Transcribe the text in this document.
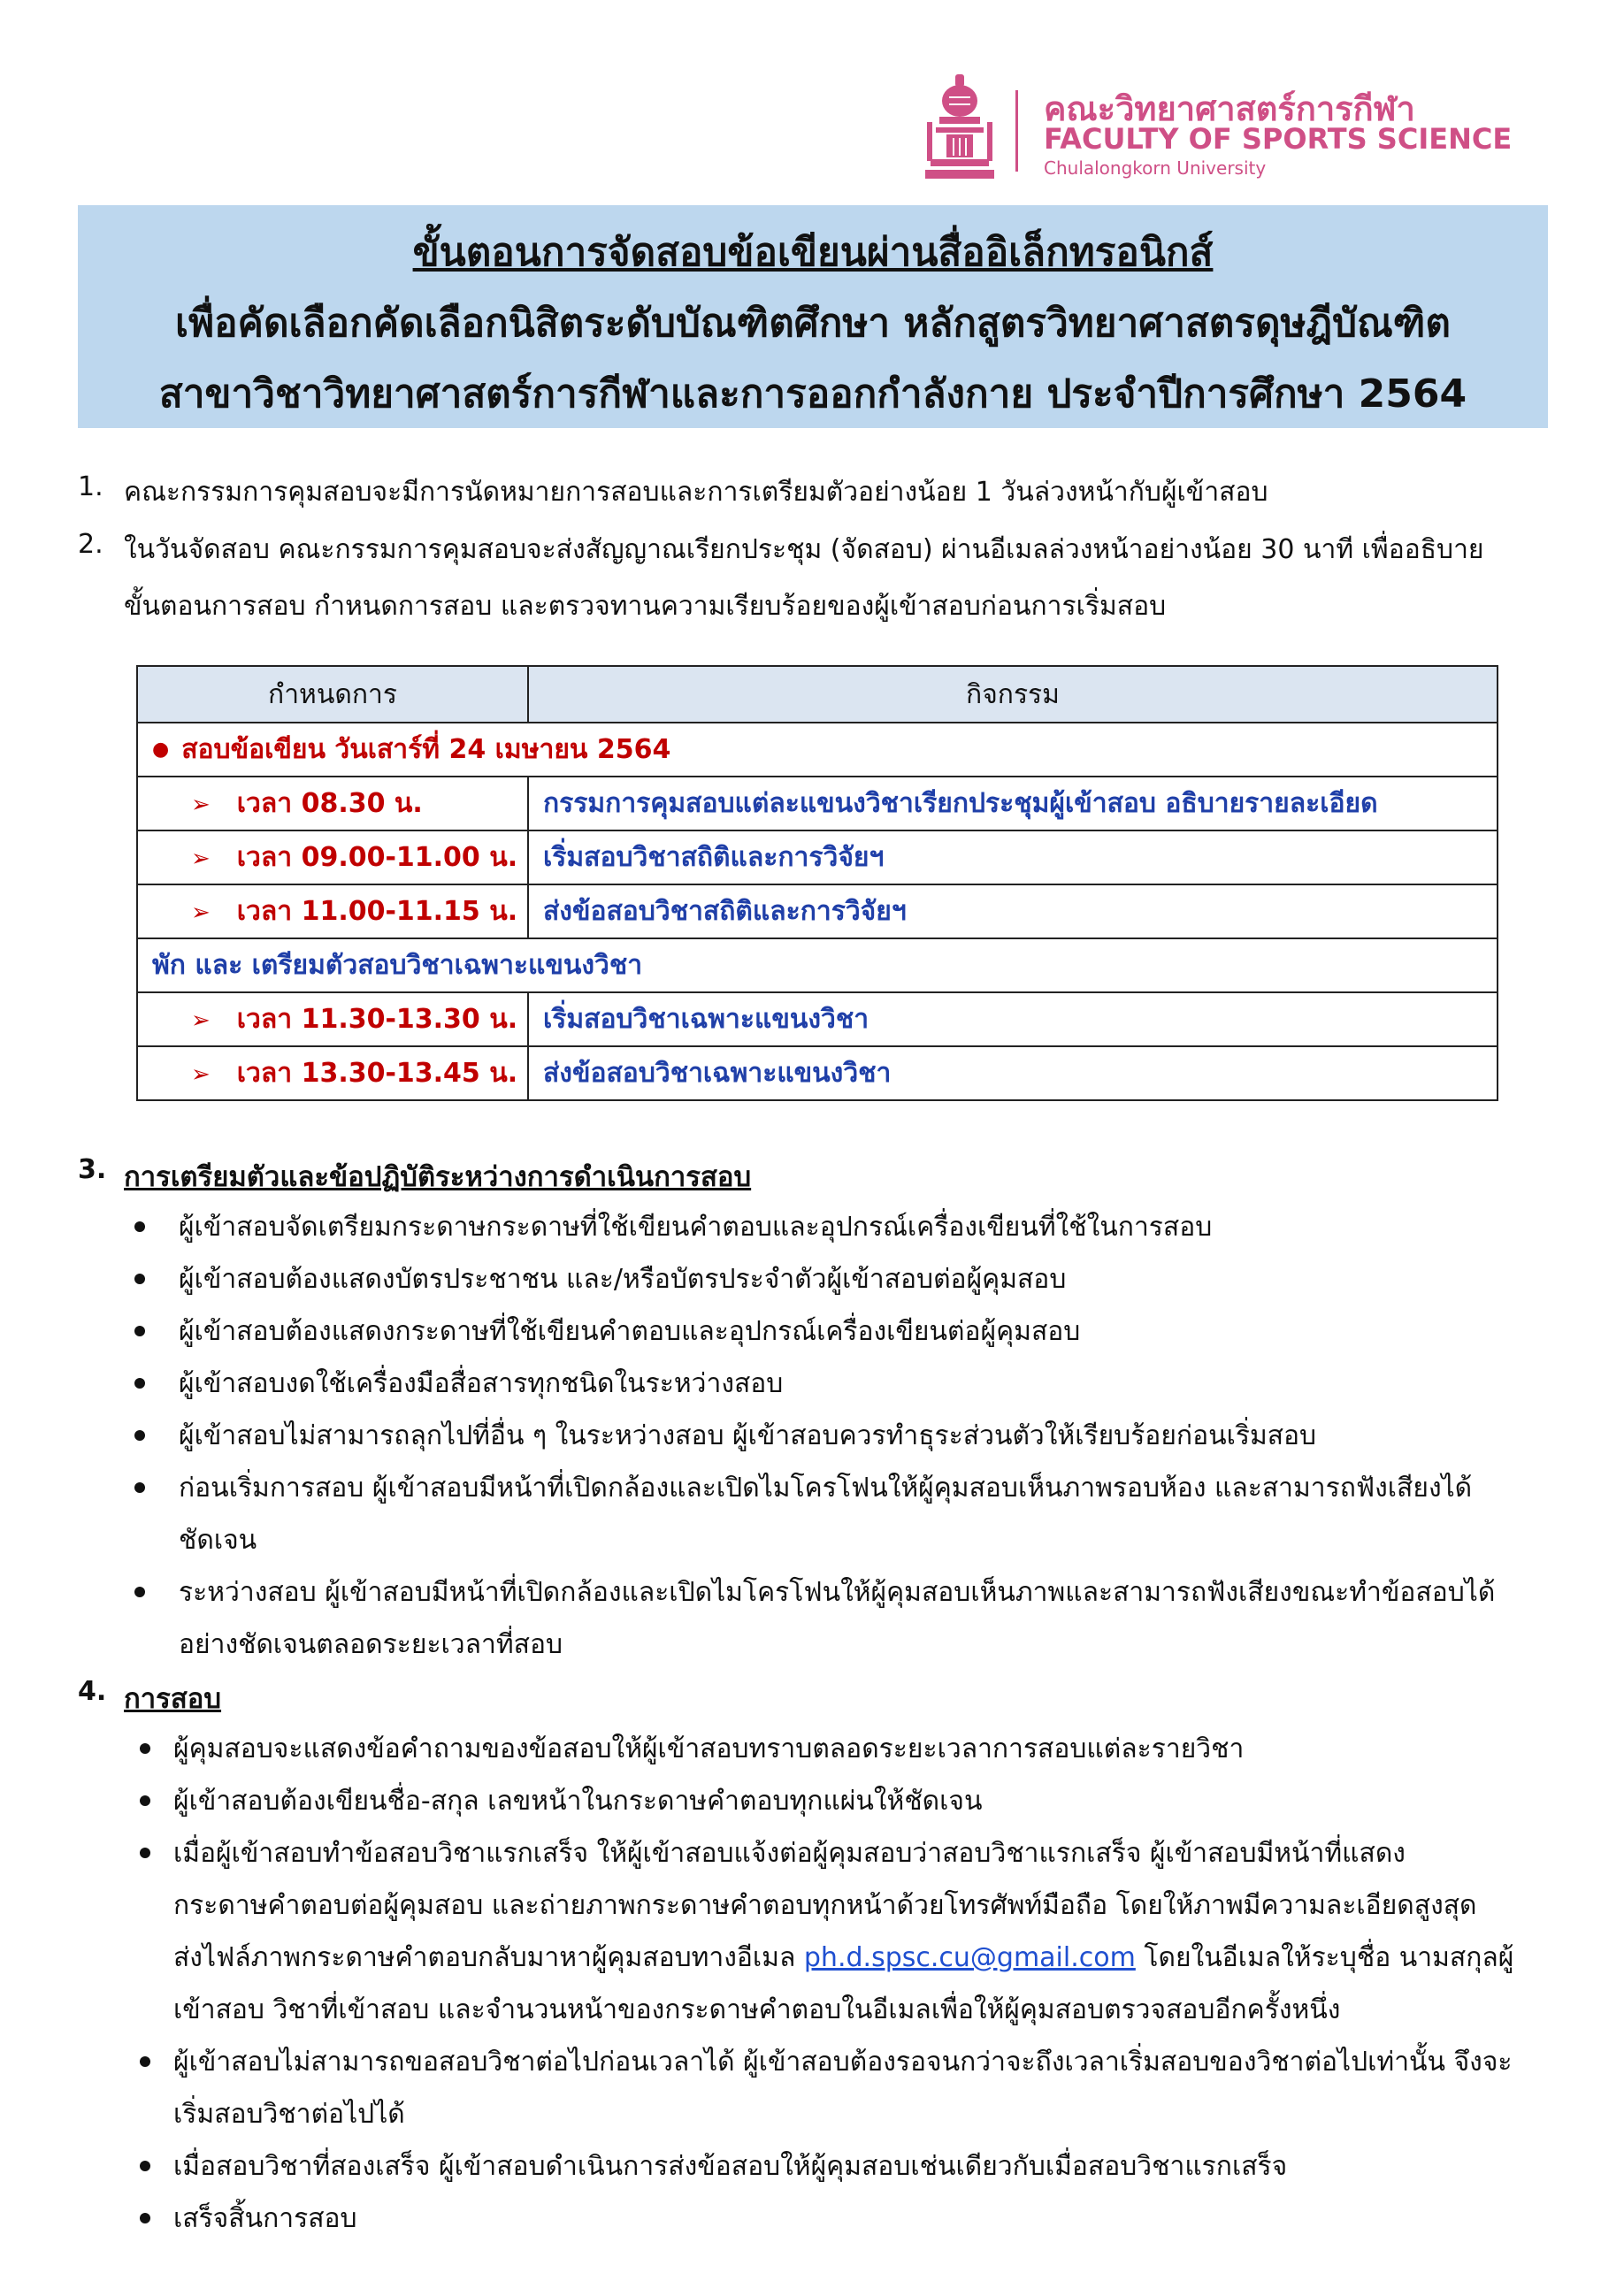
คณะวิทยาศาสตร์การกีฬา
FACULTY OF SPORTS SCIENCE
Chulalongkorn University
ขั้นตอนการจัดสอบข้อเขียนผ่านสื่ออิเล็กทรอนิกส์
เพื่อคัดเลือกคัดเลือกนิสิตระดับบัณฑิตศึกษา หลักสูตรวิทยาศาสตรดุษฎีบัณฑิต
สาขาวิชาวิทยาศาสตร์การกีฬาและการออกกำลังกาย ประจำปีการศึกษา 2564
1. คณะกรรมการคุมสอบจะมีการนัดหมายการสอบและการเตรียมตัวอย่างน้อย 1 วันล่วงหน้ากับผู้เข้าสอบ
2. ในวันจัดสอบ คณะกรรมการคุมสอบจะส่งสัญญาณเรียกประชุม (จัดสอบ) ผ่านอีเมลล่วงหน้าอย่างน้อย 30 นาที เพื่ออธิบาย
ขั้นตอนการสอบ กำหนดการสอบ และตรวจทานความเรียบร้อยของผู้เข้าสอบก่อนการเริ่มสอบ
กำหนดการ	กิจกรรม
● สอบข้อเขียน วันเสาร์ที่ 24 เมษายน 2564	
➢ เวลา 08.30 น.	กรรมการคุมสอบแต่ละแขนงวิชาเรียกประชุมผู้เข้าสอบ อธิบายรายละเอียด
➢ เวลา 09.00-11.00 น.	เริ่มสอบวิชาสถิติและการวิจัยฯ
➢ เวลา 11.00-11.15 น.	ส่งข้อสอบวิชาสถิติและการวิจัยฯ
พัก และ เตรียมตัวสอบวิชาเฉพาะแขนงวิชา	
➢ เวลา 11.30-13.30 น.	เริ่มสอบวิชาเฉพาะแขนงวิชา
➢ เวลา 13.30-13.45 น.	ส่งข้อสอบวิชาเฉพาะแขนงวิชา
3. การเตรียมตัวและข้อปฏิบัติระหว่างการดำเนินการสอบ
ผู้เข้าสอบจัดเตรียมกระดาษกระดาษที่ใช้เขียนคำตอบและอุปกรณ์เครื่องเขียนที่ใช้ในการสอบ
ผู้เข้าสอบต้องแสดงบัตรประชาชน และ/หรือบัตรประจำตัวผู้เข้าสอบต่อผู้คุมสอบ
ผู้เข้าสอบต้องแสดงกระดาษที่ใช้เขียนคำตอบและอุปกรณ์เครื่องเขียนต่อผู้คุมสอบ
ผู้เข้าสอบงดใช้เครื่องมือสื่อสารทุกชนิดในระหว่างสอบ
ผู้เข้าสอบไม่สามารถลุกไปที่อื่น ๆ ในระหว่างสอบ ผู้เข้าสอบควรทำธุระส่วนตัวให้เรียบร้อยก่อนเริ่มสอบ
ก่อนเริ่มการสอบ ผู้เข้าสอบมีหน้าที่เปิดกล้องและเปิดไมโครโฟนให้ผู้คุมสอบเห็นภาพรอบห้อง และสามารถฟังเสียงได้
ชัดเจน
ระหว่างสอบ ผู้เข้าสอบมีหน้าที่เปิดกล้องและเปิดไมโครโฟนให้ผู้คุมสอบเห็นภาพและสามารถฟังเสียงขณะทำข้อสอบได้
อย่างชัดเจนตลอดระยะเวลาที่สอบ
4. การสอบ
ผู้คุมสอบจะแสดงข้อคำถามของข้อสอบให้ผู้เข้าสอบทราบตลอดระยะเวลาการสอบแต่ละรายวิชา
ผู้เข้าสอบต้องเขียนชื่อ-สกุล เลขหน้าในกระดาษคำตอบทุกแผ่นให้ชัดเจน
เมื่อผู้เข้าสอบทำข้อสอบวิชาแรกเสร็จ ให้ผู้เข้าสอบแจ้งต่อผู้คุมสอบว่าสอบวิชาแรกเสร็จ ผู้เข้าสอบมีหน้าที่แสดง
กระดาษคำตอบต่อผู้คุมสอบ และถ่ายภาพกระดาษคำตอบทุกหน้าด้วยโทรศัพท์มือถือ โดยให้ภาพมีความละเอียดสูงสุด
ส่งไฟล์ภาพกระดาษคำตอบกลับมาหาผู้คุมสอบทางอีเมล ph.d.spsc.cu@gmail.com โดยในอีเมลให้ระบุชื่อ นามสกุลผู้
เข้าสอบ วิชาที่เข้าสอบ และจำนวนหน้าของกระดาษคำตอบในอีเมลเพื่อให้ผู้คุมสอบตรวจสอบอีกครั้งหนึ่ง
ผู้เข้าสอบไม่สามารถขอสอบวิชาต่อไปก่อนเวลาได้ ผู้เข้าสอบต้องรอจนกว่าจะถึงเวลาเริ่มสอบของวิชาต่อไปเท่านั้น จึงจะ
เริ่มสอบวิชาต่อไปได้
เมื่อสอบวิชาที่สองเสร็จ ผู้เข้าสอบดำเนินการส่งข้อสอบให้ผู้คุมสอบเช่นเดียวกับเมื่อสอบวิชาแรกเสร็จ
เสร็จสิ้นการสอบ
